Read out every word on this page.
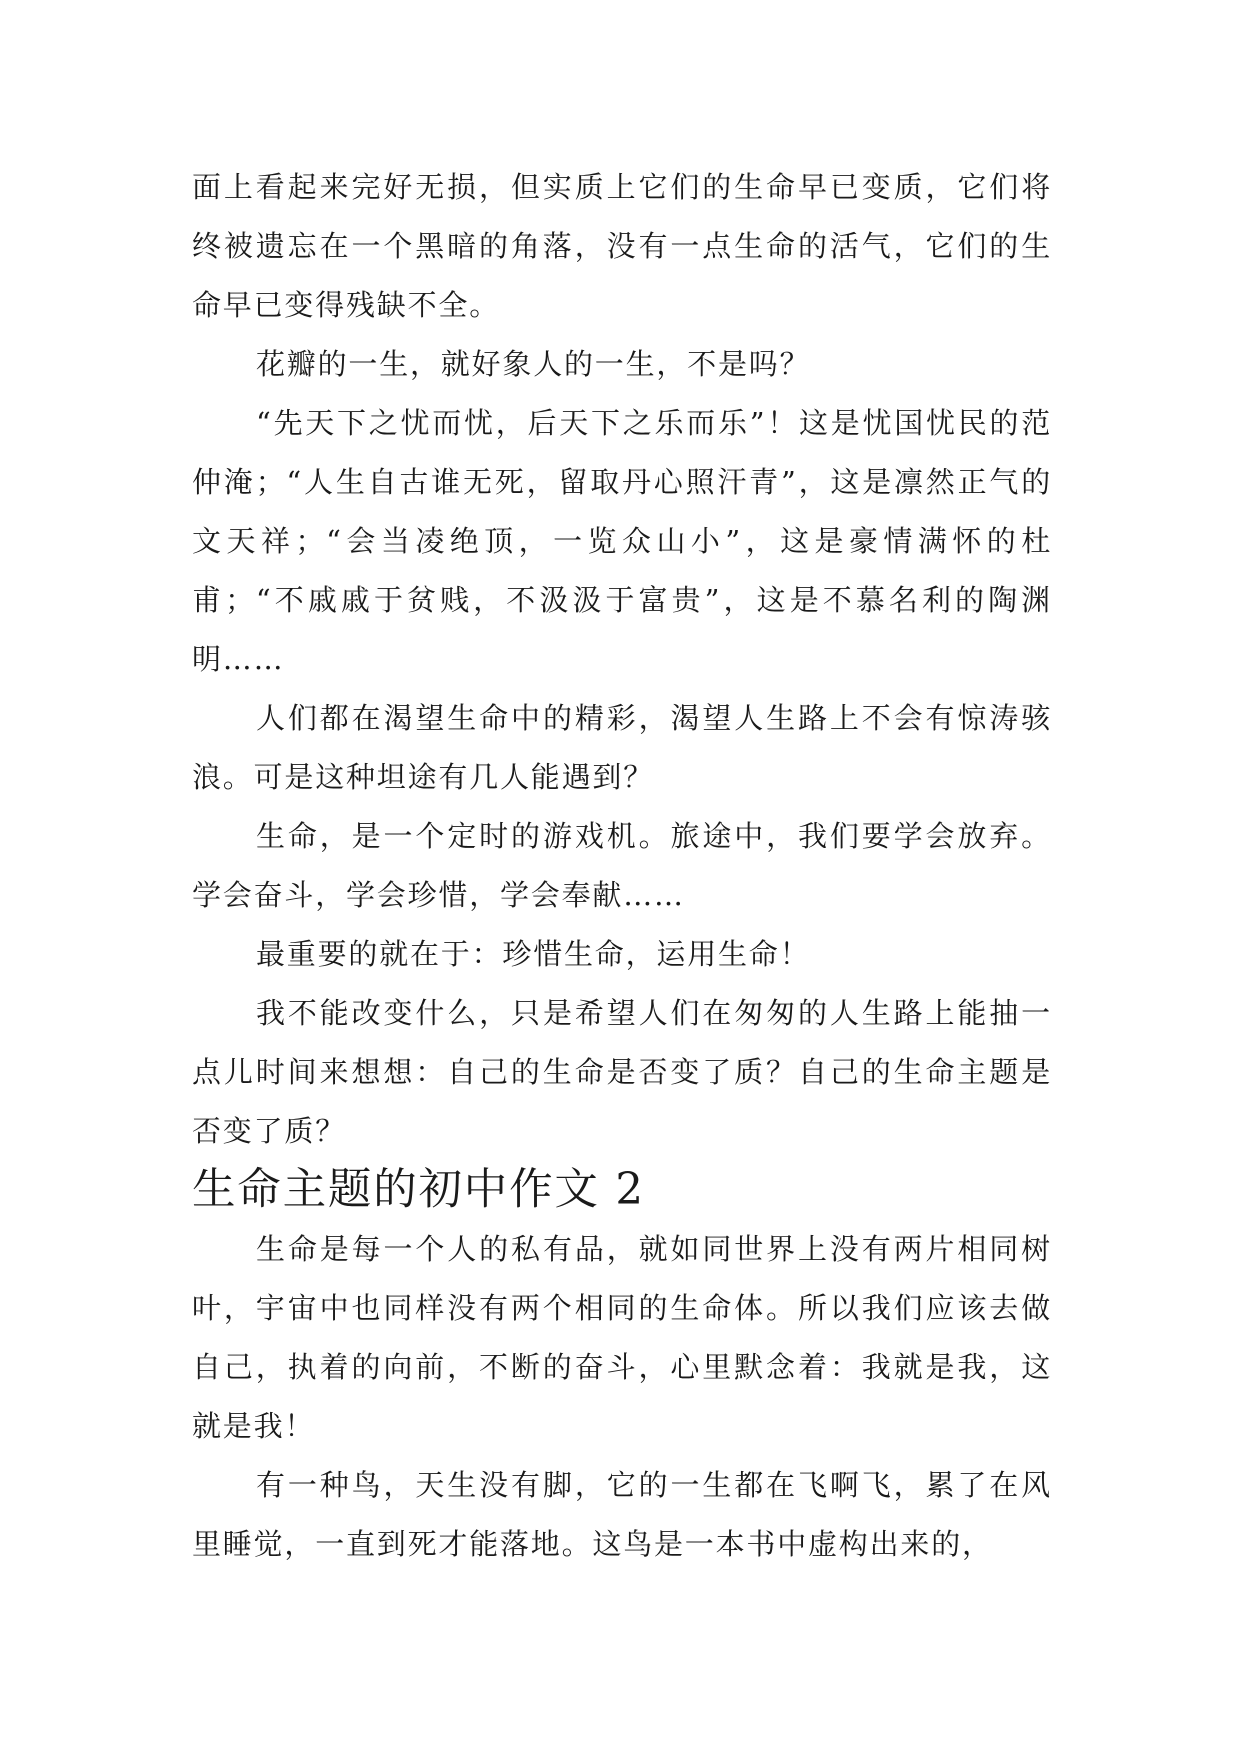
面上看起来完好无损，但实质上它们的生命早已变质，它们将终被遗忘在一个黑暗的角落，没有一点生命的活气，它们的生命早已变得残缺不全。

花瓣的一生，就好象人的一生，不是吗？

“先天下之忧而忧，后天下之乐而乐”！这是忧国忧民的范仲淹；“人生自古谁无死，留取丹心照汗青”，这是凛然正气的文天祥；“会当凌绝顶，一览众山小”，这是豪情满怀的杜甫；“不戚戚于贫贱，不汲汲于富贵”，这是不慕名利的陶渊明……

人们都在渴望生命中的精彩，渴望人生路上不会有惊涛骇浪。可是这种坦途有几人能遇到？

生命，是一个定时的游戏机。旅途中，我们要学会放弃。学会奋斗，学会珍惜，学会奉献……

最重要的就在于：珍惜生命，运用生命！

我不能改变什么，只是希望人们在匆匆的人生路上能抽一点儿时间来想想：自己的生命是否变了质？自己的生命主题是否变了质？

生命主题的初中作文 2

生命是每一个人的私有品，就如同世界上没有两片相同树叶，宇宙中也同样没有两个相同的生命体。所以我们应该去做自己，执着的向前，不断的奋斗，心里默念着：我就是我，这就是我！

有一种鸟，天生没有脚，它的一生都在飞啊飞，累了在风里睡觉，一直到死才能落地。这鸟是一本书中虚构出来的，
